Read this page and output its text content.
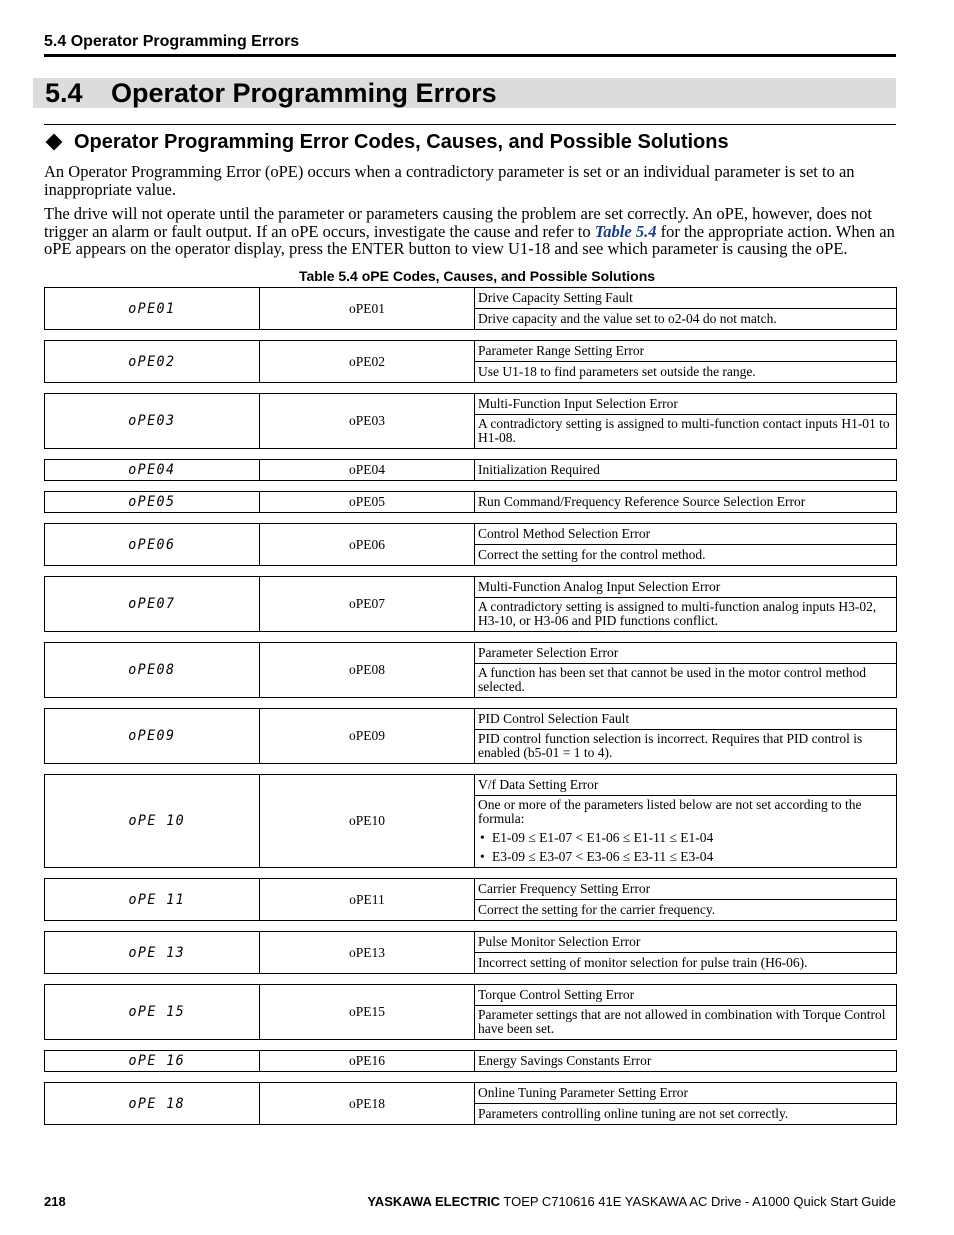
5.4 Operator Programming Errors
5.4 Operator Programming Errors
Operator Programming Error Codes, Causes, and Possible Solutions
An Operator Programming Error (oPE) occurs when a contradictory parameter is set or an individual parameter is set to an inappropriate value.
The drive will not operate until the parameter or parameters causing the problem are set correctly. An oPE, however, does not trigger an alarm or fault output. If an oPE occurs, investigate the cause and refer to Table 5.4 for the appropriate action. When an oPE appears on the operator display, press the ENTER button to view U1-18 and see which parameter is causing the oPE.
Table 5.4 oPE Codes, Causes, and Possible Solutions
oPE01	oPE01
Drive Capacity Setting Fault
Drive capacity and the value set to o2-04 do not match.
oPE02	oPE02
Parameter Range Setting Error
Use U1-18 to find parameters set outside the range.
oPE03	oPE03
Multi-Function Input Selection Error
A contradictory setting is assigned to multi-function contact inputs H1-01 to H1-08.
oPE04	oPE04	Initialization Required
oPE05	oPE05	Run Command/Frequency Reference Source Selection Error
oPE06	oPE06
Control Method Selection Error
Correct the setting for the control method.
oPE07	oPE07
Multi-Function Analog Input Selection Error
A contradictory setting is assigned to multi-function analog inputs H3-02, H3-10, or H3-06 and PID functions conflict.
oPE08	oPE08
Parameter Selection Error
A function has been set that cannot be used in the motor control method selected.
oPE09	oPE09
PID Control Selection Fault
PID control function selection is incorrect. Requires that PID control is enabled (b5-01 = 1 to 4).
oPE 10	oPE10
V/f Data Setting Error
One or more of the parameters listed below are not set according to the formula:
• E1-09 ≤ E1-07 < E1-06 ≤ E1-11 ≤ E1-04
• E3-09 ≤ E3-07 < E3-06 ≤ E3-11 ≤ E3-04
oPE 11	oPE11
Carrier Frequency Setting Error
Correct the setting for the carrier frequency.
oPE 13	oPE13
Pulse Monitor Selection Error
Incorrect setting of monitor selection for pulse train (H6-06).
oPE 15	oPE15
Torque Control Setting Error
Parameter settings that are not allowed in combination with Torque Control have been set.
oPE 16	oPE16	Energy Savings Constants Error
oPE 18	oPE18
Online Tuning Parameter Setting Error
Parameters controlling online tuning are not set correctly.
218	YASKAWA ELECTRIC TOEP C710616 41E YASKAWA AC Drive - A1000 Quick Start Guide
